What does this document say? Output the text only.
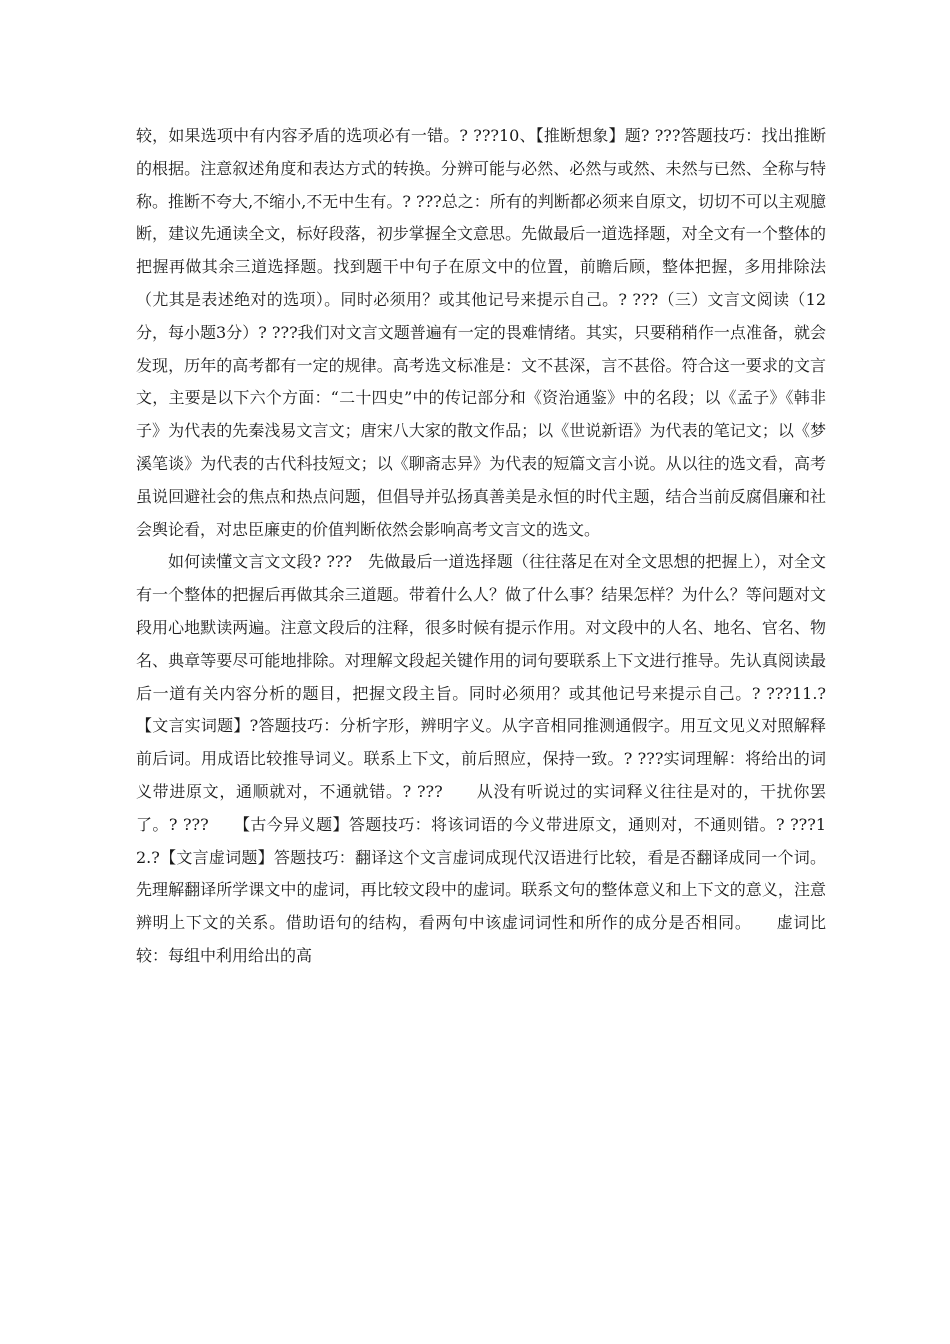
较，如果选项中有内容矛盾的选项必有一错。? ???10、【推断想象】题? ???答题技巧：找出推断的根据。注意叙述角度和表达方式的转换。分辨可能与必然、必然与或然、未然与已然、全称与特称。推断不夸大,不缩小,不无中生有。? ???总之：所有的判断都必须来自原文，切切不可以主观臆断，建议先通读全文，标好段落，初步掌握全文意思。先做最后一道选择题，对全文有一个整体的把握再做其余三道选择题。找到题干中句子在原文中的位置，前瞻后顾，整体把握，多用排除法（尤其是表述绝对的选项）。同时必须用？或其他记号来提示自己。? ???（三）文言文阅读（12分，每小题3分）? ???我们对文言文题普遍有一定的畏难情绪。其实，只要稍稍作一点准备，就会发现，历年的高考都有一定的规律。高考选文标准是：文不甚深，言不甚俗。符合这一要求的文言文，主要是以下六个方面：“二十四史”中的传记部分和《资治通鉴》中的名段；以《孟子》《韩非子》为代表的先秦浅易文言文；唐宋八大家的散文作品；以《世说新语》为代表的笔记文；以《梦溪笔谈》为代表的古代科技短文；以《聊斋志异》为代表的短篇文言小说。从以往的选文看，高考虽说回避社会的焦点和热点问题，但倡导并弘扬真善美是永恒的时代主题，结合当前反腐倡廉和社会舆论看，对忠臣廉吏的价值判断依然会影响高考文言文的选文。

如何读懂文言文文段? ???　先做最后一道选择题（往往落足在对全文思想的把握上），对全文有一个整体的把握后再做其余三道题。带着什么人？做了什么事？结果怎样？为什么？等问题对文段用心地默读两遍。注意文段后的注释，很多时候有提示作用。对文段中的人名、地名、官名、物名、典章等要尽可能地排除。对理解文段起关键作用的词句要联系上下文进行推导。先认真阅读最后一道有关内容分析的题目，把握文段主旨。同时必须用？或其他记号来提示自己。? ???11.?【文言实词题】?答题技巧：分析字形，辨明字义。从字音相同推测通假字。用互文见义对照解释前后词。用成语比较推导词义。联系上下文，前后照应，保持一致。? ???实词理解：将给出的词义带进原文，通顺就对，不通就错。? ???　　从没有听说过的实词释义往往是对的，干扰你罢了。? ???　　【古今异义题】答题技巧：将该词语的今义带进原文，通则对，不通则错。? ???12.?【文言虚词题】答题技巧：翻译这个文言虚词成现代汉语进行比较，看是否翻译成同一个词。先理解翻译所学课文中的虚词，再比较文段中的虚词。联系文句的整体意义和上下文的意义，注意辨明上下文的关系。借助语句的结构，看两句中该虚词词性和所作的成分是否相同。　　虚词比较：每组中利用给出的高
